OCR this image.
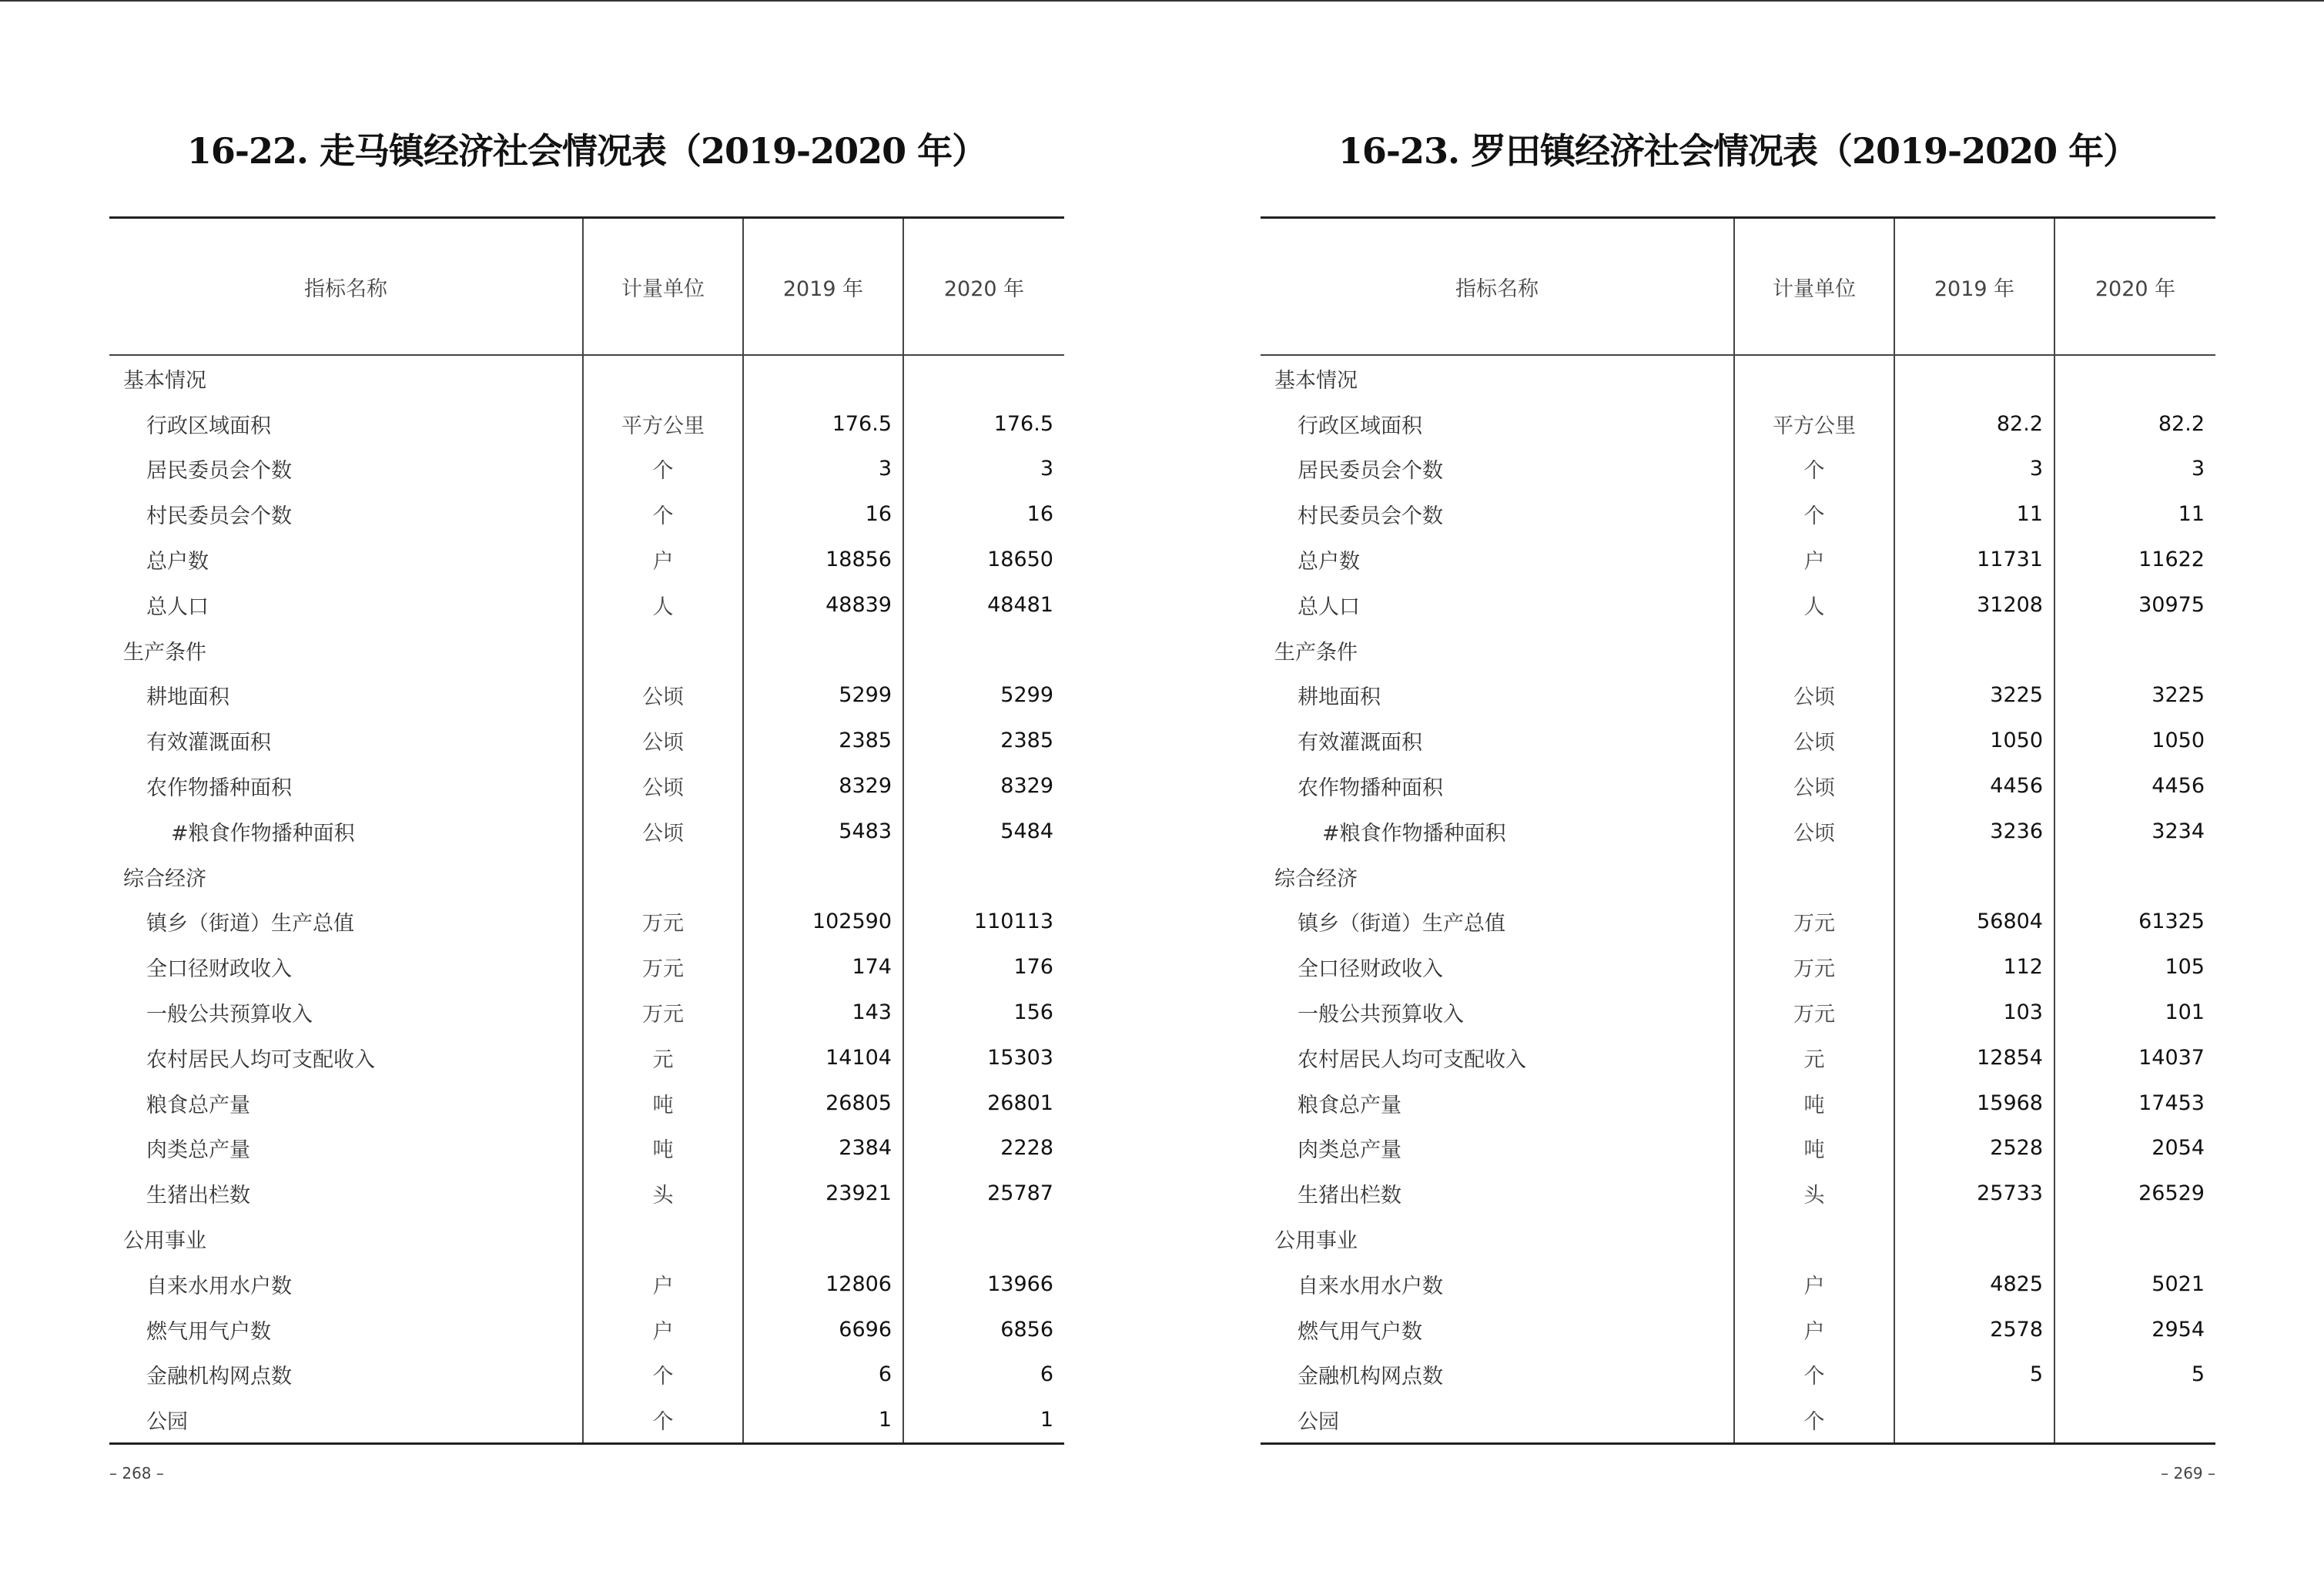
16-22. 走马镇经济社会情况表（2019-2020 年）
指标名称	计量单位	2019 年	2020 年
基本情况			
行政区域面积	平方公里	176.5	176.5
居民委员会个数	个	3	3
村民委员会个数	个	16	16
总户数	户	18856	18650
总人口	人	48839	48481
生产条件			
耕地面积	公顷	5299	5299
有效灌溉面积	公顷	2385	2385
农作物播种面积	公顷	8329	8329
#粮食作物播种面积	公顷	5483	5484
综合经济			
镇乡（街道）生产总值	万元	102590	110113
全口径财政收入	万元	174	176
一般公共预算收入	万元	143	156
农村居民人均可支配收入	元	14104	15303
粮食总产量	吨	26805	26801
肉类总产量	吨	2384	2228
生猪出栏数	头	23921	25787
公用事业			
自来水用水户数	户	12806	13966
燃气用气户数	户	6696	6856
金融机构网点数	个	6	6
公园	个	1	1
– 268 –
16-23. 罗田镇经济社会情况表（2019-2020 年）
指标名称	计量单位	2019 年	2020 年
基本情况			
行政区域面积	平方公里	82.2	82.2
居民委员会个数	个	3	3
村民委员会个数	个	11	11
总户数	户	11731	11622
总人口	人	31208	30975
生产条件			
耕地面积	公顷	3225	3225
有效灌溉面积	公顷	1050	1050
农作物播种面积	公顷	4456	4456
#粮食作物播种面积	公顷	3236	3234
综合经济			
镇乡（街道）生产总值	万元	56804	61325
全口径财政收入	万元	112	105
一般公共预算收入	万元	103	101
农村居民人均可支配收入	元	12854	14037
粮食总产量	吨	15968	17453
肉类总产量	吨	2528	2054
生猪出栏数	头	25733	26529
公用事业			
自来水用水户数	户	4825	5021
燃气用气户数	户	2578	2954
金融机构网点数	个	5	5
公园	个		
– 269 –
